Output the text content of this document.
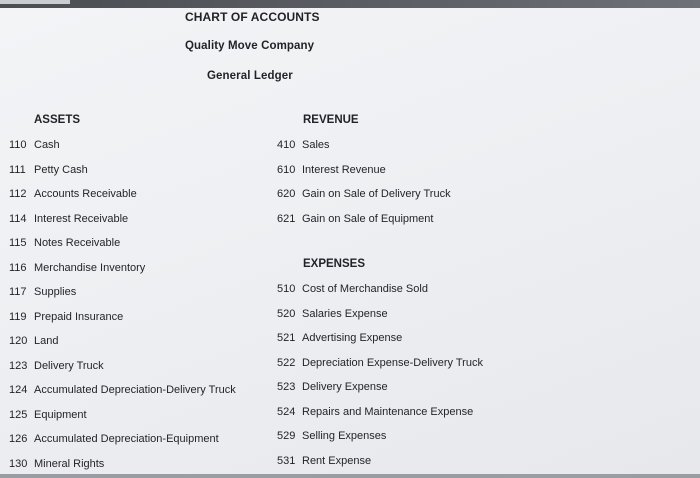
CHART OF ACCOUNTS
Quality Move Company
General Ledger
ASSETS
110 Cash
111 Petty Cash
112 Accounts Receivable
114 Interest Receivable
115 Notes Receivable
116 Merchandise Inventory
117 Supplies
119 Prepaid Insurance
120 Land
123 Delivery Truck
124 Accumulated Depreciation-Delivery Truck
125 Equipment
126 Accumulated Depreciation-Equipment
130 Mineral Rights
REVENUE
410 Sales
610 Interest Revenue
620 Gain on Sale of Delivery Truck
621 Gain on Sale of Equipment
EXPENSES
510 Cost of Merchandise Sold
520 Salaries Expense
521 Advertising Expense
522 Depreciation Expense-Delivery Truck
523 Delivery Expense
524 Repairs and Maintenance Expense
529 Selling Expenses
531 Rent Expense
